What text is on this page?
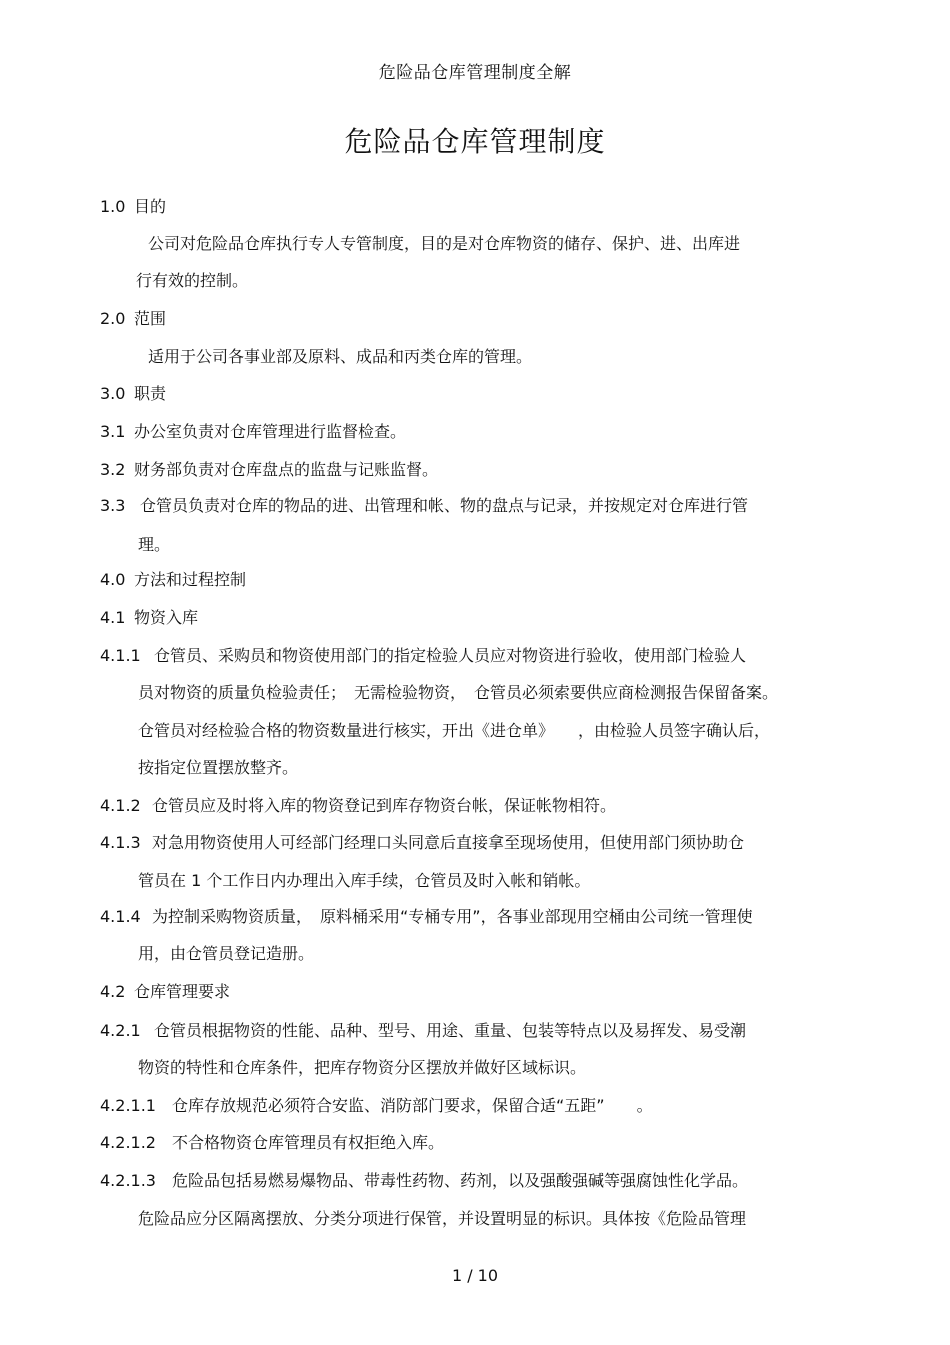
危险品仓库管理制度全解
危险品仓库管理制度
1.0 目的
公司对危险品仓库执行专人专管制度，目的是对仓库物资的储存、保护、进、出库进
行有效的控制。
2.0 范围
适用于公司各事业部及原料、成品和丙类仓库的管理。
3.0 职责
3.1 办公室负责对仓库管理进行监督检查。
3.2 财务部负责对仓库盘点的监盘与记账监督。
3.3 仓管员负责对仓库的物品的进、出管理和帐、物的盘点与记录，并按规定对仓库进行管
理。
4.0 方法和过程控制
4.1 物资入库
4.1.1 仓管员、采购员和物资使用部门的指定检验人员应对物资进行验收，使用部门检验人
员对物资的质量负检验责任；　无需检验物资，　仓管员必须索要供应商检测报告保留备案。
仓管员对经检验合格的物资数量进行核实，开出《进仓单》　　，由检验人员签字确认后，
按指定位置摆放整齐。
4.1.2 仓管员应及时将入库的物资登记到库存物资台帐，保证帐物相符。
4.1.3 对急用物资使用人可经部门经理口头同意后直接拿至现场使用，但使用部门须协助仓
管员在 1 个工作日内办理出入库手续，仓管员及时入帐和销帐。
4.1.4 为控制采购物资质量，　原料桶采用“专桶专用”，各事业部现用空桶由公司统一管理使
用，由仓管员登记造册。
4.2 仓库管理要求
4.2.1 仓管员根据物资的性能、品种、型号、用途、重量、包装等特点以及易挥发、易受潮
物资的特性和仓库条件，把库存物资分区摆放并做好区域标识。
4.2.1.1 仓库存放规范必须符合安监、消防部门要求，保留合适“五距”　　。
4.2.1.2 不合格物资仓库管理员有权拒绝入库。
4.2.1.3 危险品包括易燃易爆物品、带毒性药物、药剂，以及强酸强碱等强腐蚀性化学品。
危险品应分区隔离摆放、分类分项进行保管，并设置明显的标识。具体按《危险品管理
1 / 10
